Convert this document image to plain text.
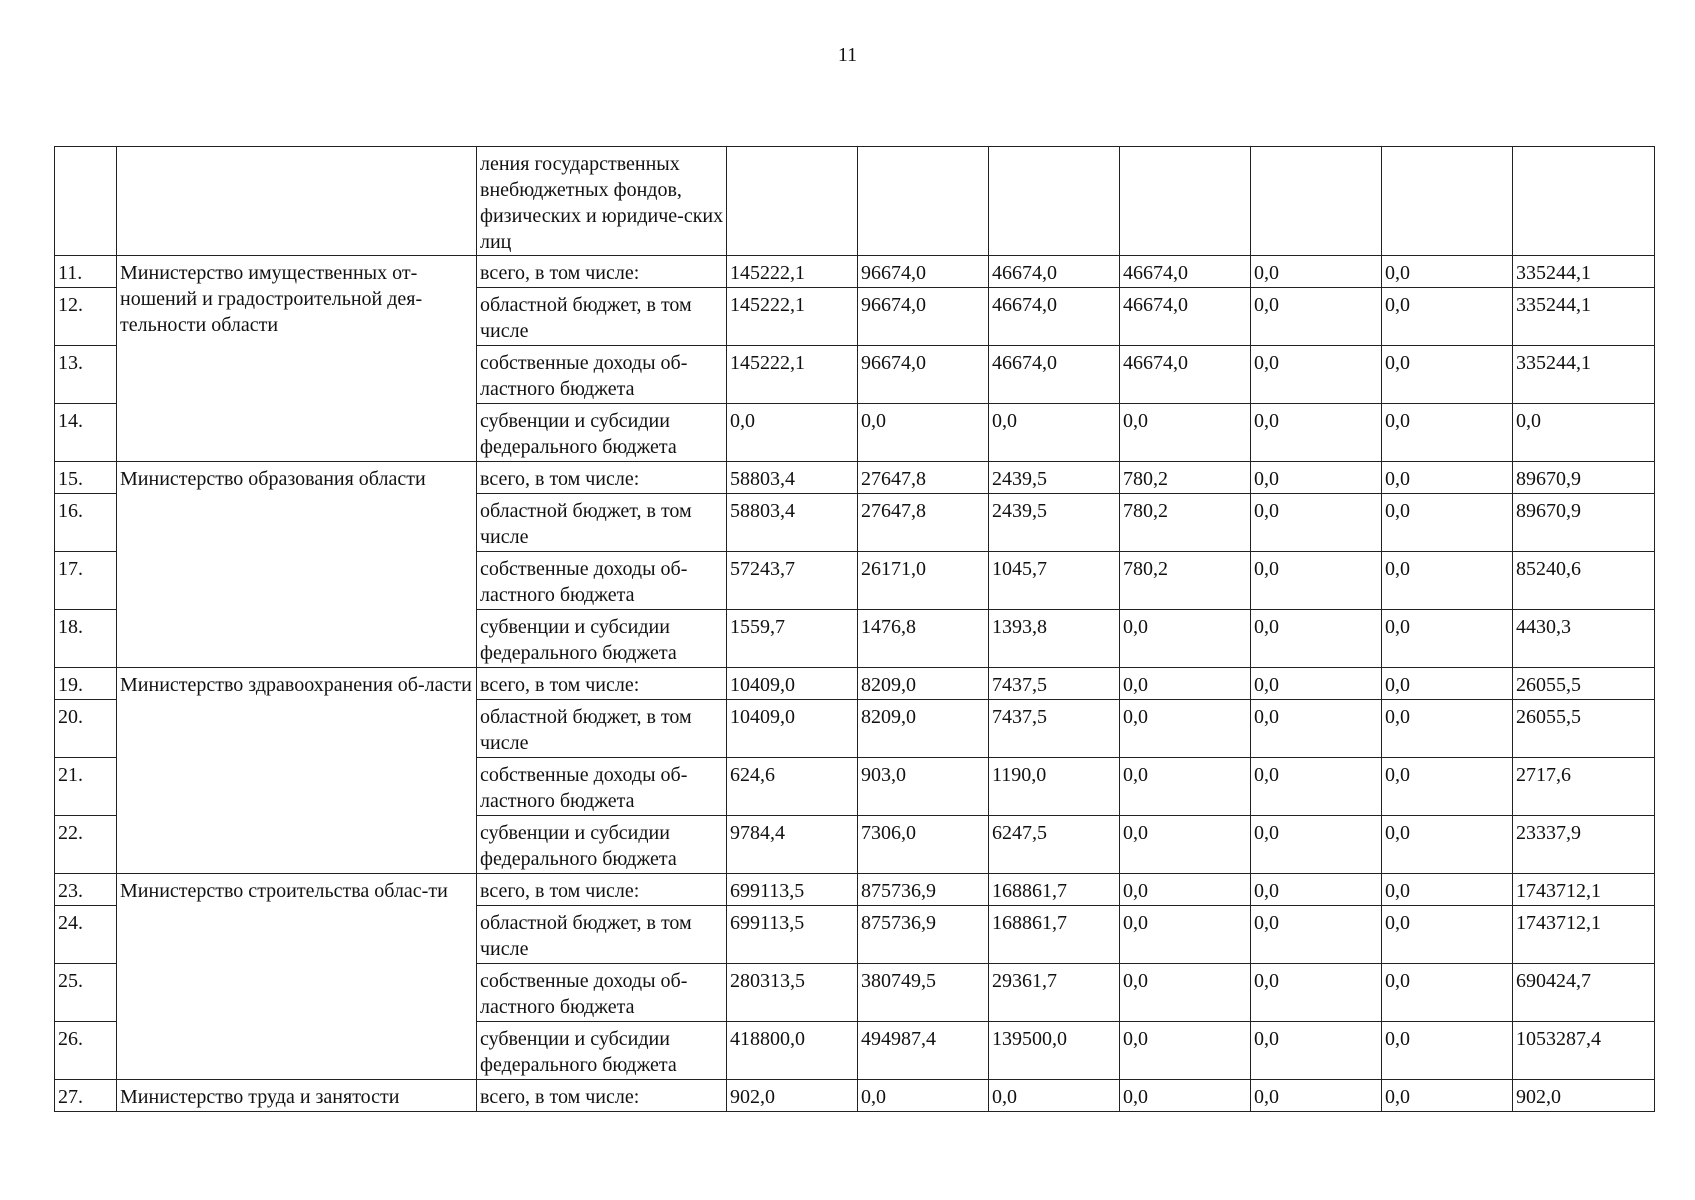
11
		ления государственных внебюджетных фондов, физических и юридиче-ских лиц							
11.	Министерство имущественных от-ношений и градостроительной дея-тельности области	всего, в том числе:	145222,1	96674,0	46674,0	46674,0	0,0	0,0	335244,1
12.		областной бюджет, в том числе	145222,1	96674,0	46674,0	46674,0	0,0	0,0	335244,1
13.		собственные доходы об-ластного бюджета	145222,1	96674,0	46674,0	46674,0	0,0	0,0	335244,1
14.		субвенции и субсидии федерального бюджета	0,0	0,0	0,0	0,0	0,0	0,0	0,0
15.	Министерство образования области	всего, в том числе:	58803,4	27647,8	2439,5	780,2	0,0	0,0	89670,9
16.		областной бюджет, в том числе	58803,4	27647,8	2439,5	780,2	0,0	0,0	89670,9
17.		собственные доходы об-ластного бюджета	57243,7	26171,0	1045,7	780,2	0,0	0,0	85240,6
18.		субвенции и субсидии федерального бюджета	1559,7	1476,8	1393,8	0,0	0,0	0,0	4430,3
19.	Министерство здравоохранения об-ласти	всего, в том числе:	10409,0	8209,0	7437,5	0,0	0,0	0,0	26055,5
20.		областной бюджет, в том числе	10409,0	8209,0	7437,5	0,0	0,0	0,0	26055,5
21.		собственные доходы об-ластного бюджета	624,6	903,0	1190,0	0,0	0,0	0,0	2717,6
22.		субвенции и субсидии федерального бюджета	9784,4	7306,0	6247,5	0,0	0,0	0,0	23337,9
23.	Министерство строительства облас-ти	всего, в том числе:	699113,5	875736,9	168861,7	0,0	0,0	0,0	1743712,1
24.		областной бюджет, в том числе	699113,5	875736,9	168861,7	0,0	0,0	0,0	1743712,1
25.		собственные доходы об-ластного бюджета	280313,5	380749,5	29361,7	0,0	0,0	0,0	690424,7
26.		субвенции и субсидии федерального бюджета	418800,0	494987,4	139500,0	0,0	0,0	0,0	1053287,4
27.	Министерство труда и занятости	всего, в том числе:	902,0	0,0	0,0	0,0	0,0	0,0	902,0
